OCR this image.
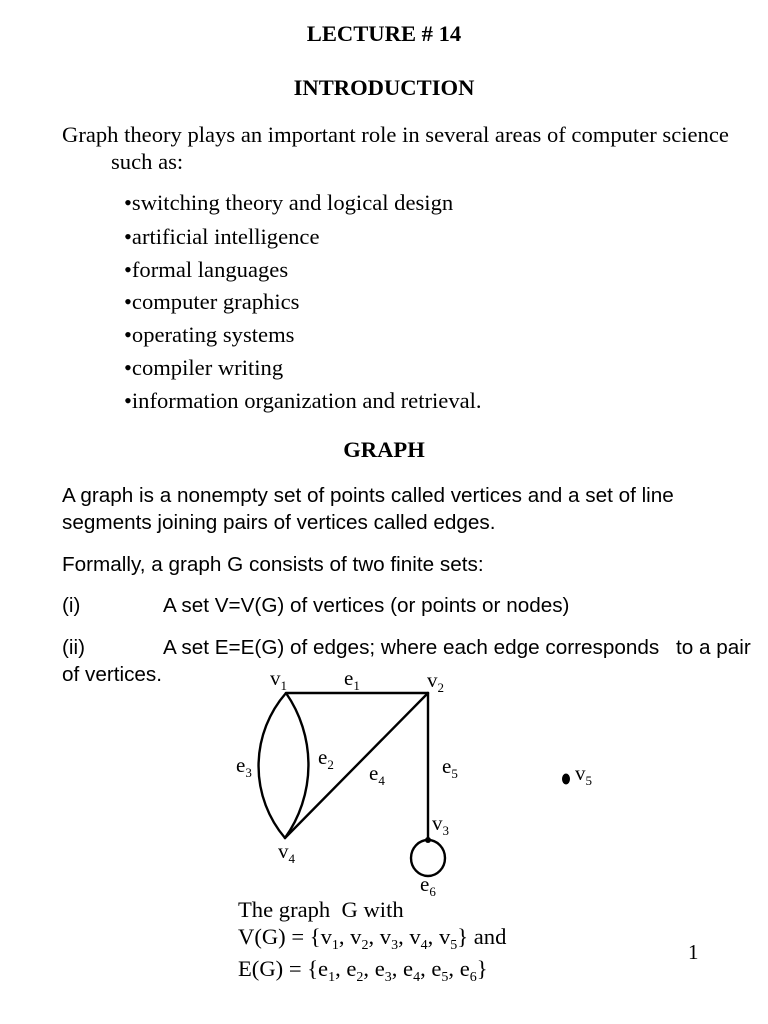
LECTURE # 14
INTRODUCTION
Graph theory plays an important role in several areas of computer science
such as:
•switching theory and logical design
•artificial intelligence
•formal languages
•computer graphics
•operating systems
•compiler writing
•information organization and retrieval.
GRAPH
A graph is a nonempty set of points called vertices and a set of line
segments joining pairs of vertices called edges.
Formally, a graph G consists of two finite sets:
(i)	A set V=V(G) of vertices (or points or nodes)
(ii)	A set E=E(G) of edges; where each edge corresponds to a pair
of vertices.	$v_1$	$v_2$
$v_3$
$v_4$
$v_5$
$e_1$
$e_2$
$e_3$	$e_4$
$e_5$
$e_6$
The graph  G with
$V(G) = \{v_1$, $v_2$, $v_3$, $v_4$, $v_5$} and
$E(G) = \{e_1$, $e_2$, $e_3$, $e_4$, $e_5$, $e_6$}
1
